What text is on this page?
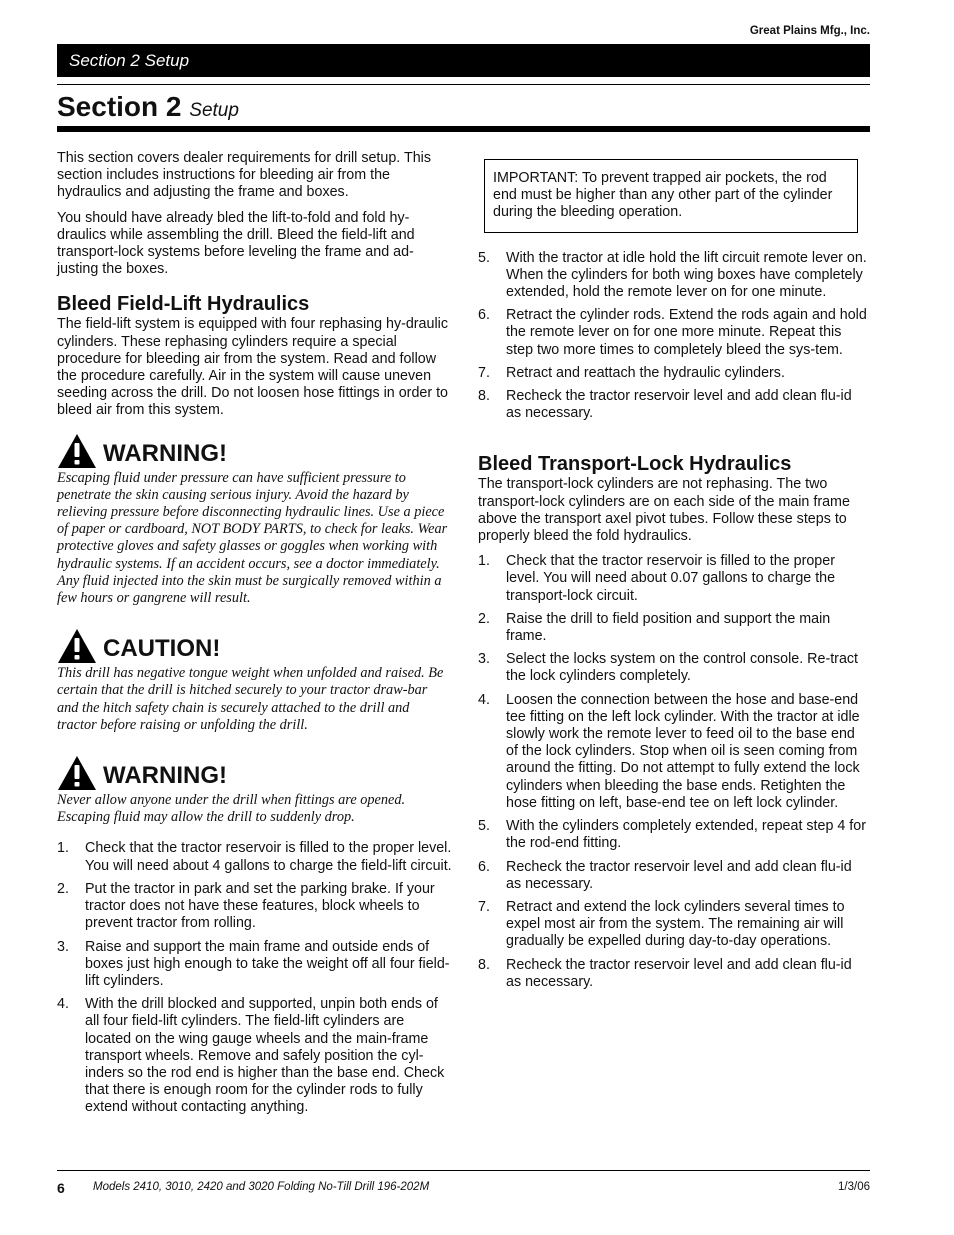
Great Plains Mfg., Inc.
Section 2 Setup
Section 2 Setup

This section covers dealer requirements for drill setup. This section includes instructions for bleeding air from the hydraulics and adjusting the frame and boxes.

You should have already bled the lift-to-fold and fold hy-draulics while assembling the drill. Bleed the field-lift and transport-lock systems before leveling the frame and ad-justing the boxes.

Bleed Field-Lift Hydraulics

The field-lift system is equipped with four rephasing hy-draulic cylinders. These rephasing cylinders require a special procedure for bleeding air from the system. Read and follow the procedure carefully. Air in the system will cause uneven seeding across the drill. Do not loosen hose fittings in order to bleed air from this system.

WARNING!
Escaping fluid under pressure can have sufficient pressure to penetrate the skin causing serious injury. Avoid the hazard by relieving pressure before disconnecting hydraulic lines. Use a piece of paper or cardboard, NOT BODY PARTS, to check for leaks. Wear protective gloves and safety glasses or goggles when working with hydraulic systems. If an accident occurs, see a doctor immediately. Any fluid injected into the skin must be surgically removed within a few hours or gangrene will result.
CAUTION!
This drill has negative tongue weight when unfolded and raised. Be certain that the drill is hitched securely to your tractor draw-bar and the hitch safety chain is securely attached to the drill and tractor before raising or unfolding the drill.
WARNING!
Never allow anyone under the drill when fittings are opened. Escaping fluid may allow the drill to suddenly drop.
1. Check that the tractor reservoir is filled to the proper level. You will need about 4 gallons to charge the field-lift circuit.
2. Put the tractor in park and set the parking brake. If your tractor does not have these features, block wheels to prevent tractor from rolling.
3. Raise and support the main frame and outside ends of boxes just high enough to take the weight off all four field-lift cylinders.
4. With the drill blocked and supported, unpin both ends of all four field-lift cylinders. The field-lift cylinders are located on the wing gauge wheels and the main-frame transport wheels. Remove and safely position the cyl-inders so the rod end is higher than the base end. Check that there is enough room for the cylinder rods to fully extend without contacting anything.
IMPORTANT: To prevent trapped air pockets, the rod end must be higher than any other part of the cylinder during the bleeding operation.
5. With the tractor at idle hold the lift circuit remote lever on. When the cylinders for both wing boxes have completely extended, hold the remote lever on for one minute.
6. Retract the cylinder rods. Extend the rods again and hold the remote lever on for one more minute. Repeat this step two more times to completely bleed the sys-tem.
7. Retract and reattach the hydraulic cylinders.
8. Recheck the tractor reservoir level and add clean flu-id as necessary.
Bleed Transport-Lock Hydraulics

The transport-lock cylinders are not rephasing. The two transport-lock cylinders are on each side of the main frame above the transport axel pivot tubes. Follow these steps to properly bleed the fold hydraulics.

1. Check that the tractor reservoir is filled to the proper level. You will need about 0.07 gallons to charge the transport-lock circuit.
2. Raise the drill to field position and support the main frame.
3. Select the locks system on the control console. Re-tract the lock cylinders completely.
4. Loosen the connection between the hose and base-end tee fitting on the left lock cylinder. With the tractor at idle slowly work the remote lever to feed oil to the base end of the lock cylinders. Stop when oil is seen coming from around the fitting. Do not attempt to fully extend the lock cylinders when bleeding the base ends. Retighten the hose fitting on left, base-end tee on left lock cylinder.
5. With the cylinders completely extended, repeat step 4 for the rod-end fitting.
6. Recheck the tractor reservoir level and add clean flu-id as necessary.
7. Retract and extend the lock cylinders several times to expel most air from the system. The remaining air will gradually be expelled during day-to-day operations.
8. Recheck the tractor reservoir level and add clean flu-id as necessary.
6 Models 2410, 3010, 2420 and 3020 Folding No-Till Drill 196-202M	1/3/06
